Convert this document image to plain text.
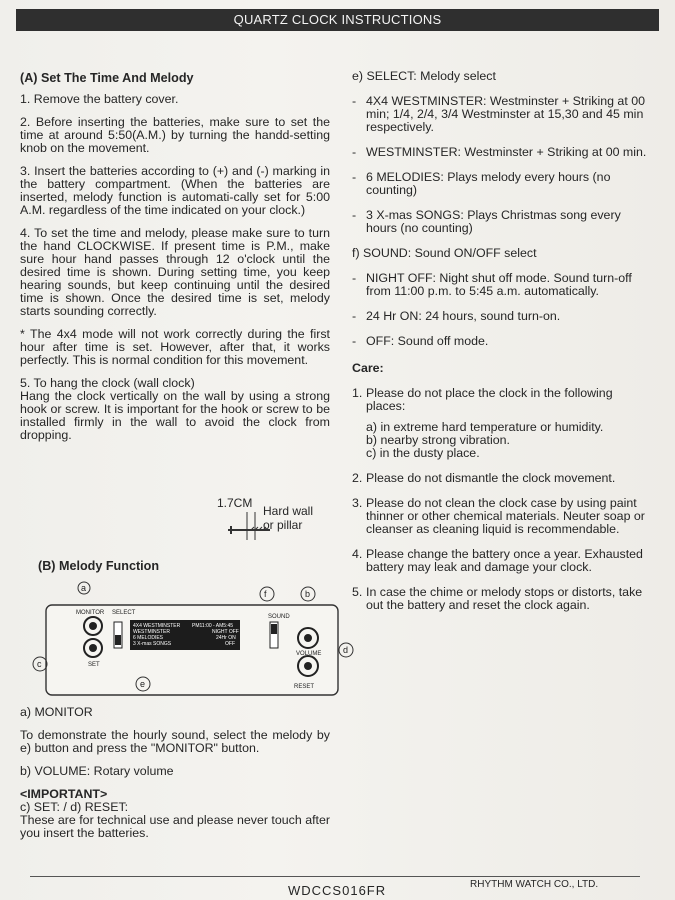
QUARTZ CLOCK INSTRUCTIONS

(A) Set The Time And Melody

1. Remove the battery cover.

2. Before inserting the batteries, make sure to set the time at around 5:50(A.M.) by turning the handd-setting knob on the movement.

3. Insert the batteries according to (+) and (-) marking in the battery compartment. (When the batteries are inserted, melody function is automati-cally set for 5:00 A.M. regardless of the time indicated on your clock.)

4. To set the time and melody, please make sure to turn the hand CLOCKWISE. If present time is P.M., make sure hour hand passes through 12 o'clock until the desired time is shown. During setting time, you keep hearing sounds, but keep continuing until the desired time is shown. Once the desired time is set, melody starts sounding correctly.

* The 4x4 mode will not work correctly during the first hour after time is set. However, after that, it works perfectly. This is normal condition for this movement.

5. To hang the clock (wall clock)

Hang the clock vertically on the wall by using a strong hook or screw. It is important for the hook or screw to be installed firmly in the wall to avoid the clock from dropping.

1.7CM
Hard wall
or pillar

(B) Melody Function

a
f	b
c
d
e
MONITOR SELECT
SET
SOUND
VOLUME
RESET
4X4 WESTMINSTER
WESTMINSTER
6 MELODIES
3 X-mas SONGS
PM11:00 - AM5:45
NIGHT OFF
24Hr ON
OFF

a) MONITOR

To demonstrate the hourly sound, select the melody by e) button and press the "MONITOR" button.

b) VOLUME: Rotary volume

<IMPORTANT>

c) SET: / d) RESET:

These are for technical use and please never touch after you insert the batteries.

e) SELECT: Melody select

- 4X4 WESTMINSTER: Westminster + Striking at 00 min; 1/4, 2/4, 3/4 Westminster at 15,30 and 45 min respectively.
- WESTMINSTER: Westminster + Striking at 00 min.
- 6 MELODIES: Plays melody every hours (no counting)
- 3 X-mas SONGS: Plays Christmas song every hours (no counting)

f) SOUND: Sound ON/OFF select

- NIGHT OFF: Night shut off mode. Sound turn-off from 11:00 p.m. to 5:45 a.m. automatically.
- 24 Hr ON: 24 hours, sound turn-on.
- OFF: Sound off mode.

Care:

1. Please do not place the clock in the following places:

a) in extreme hard temperature or humidity.

b) nearby strong vibration.

c) in the dusty place.

2. Please do not dismantle the clock movement.
3. Please do not clean the clock case by using paint thinner or other chemical materials. Neuter soap or cleanser as cleaning liquid is recommendable.
4. Please change the battery once a year. Exhausted battery may leak and damage your clock.
5. In case the chime or melody stops or distorts, take out the battery and reset the clock again.
WDCCS016FR	RHYTHM WATCH CO., LTD.
